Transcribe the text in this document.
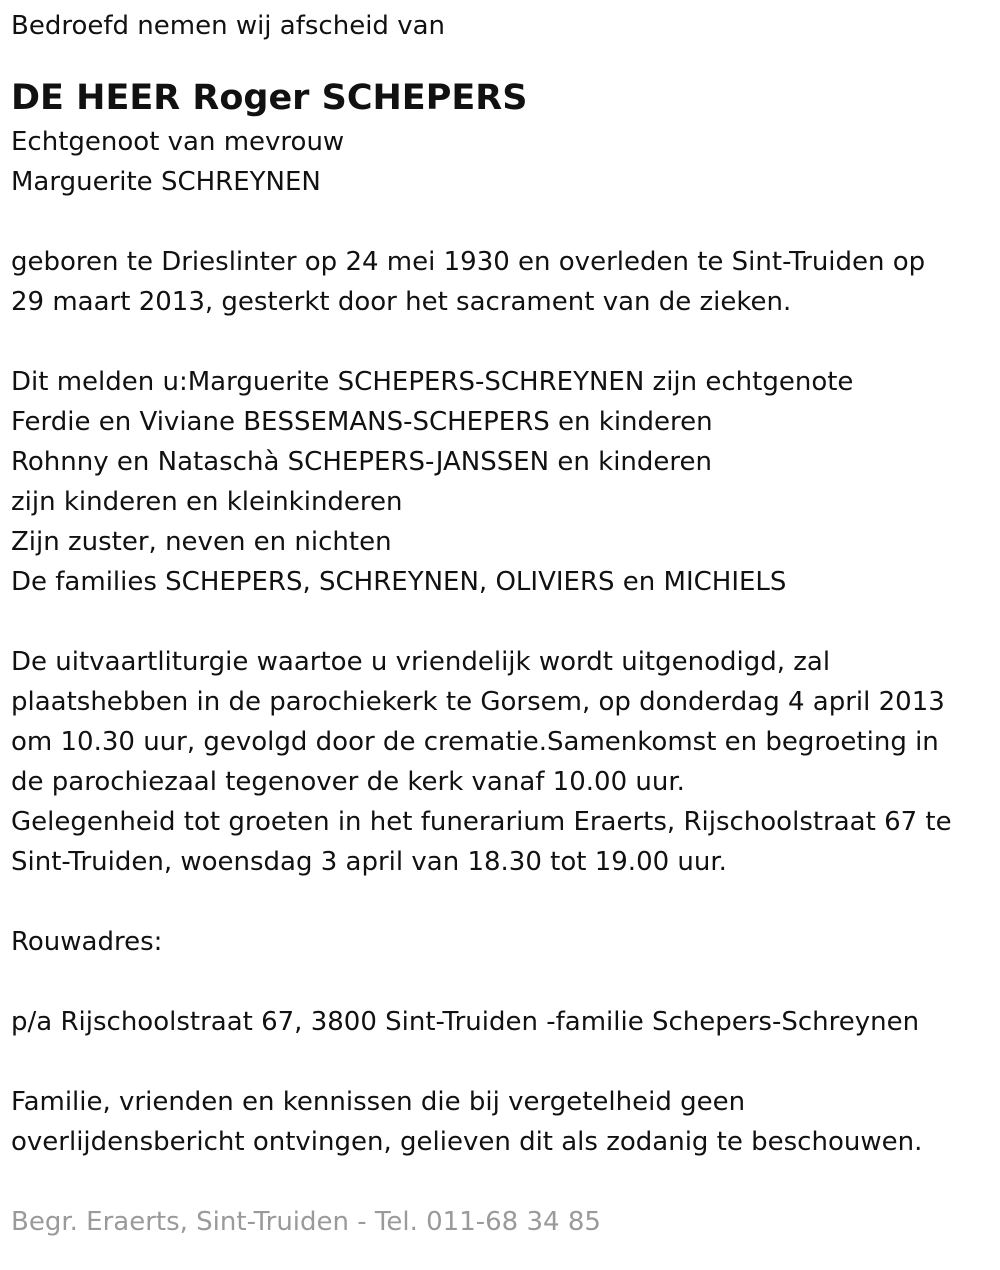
Bedroefd nemen wij afscheid van
DE HEER Roger SCHEPERS
Echtgenoot van mevrouw
Marguerite SCHREYNEN
geboren te Drieslinter op 24 mei 1930 en overleden te Sint-Truiden op
29 maart 2013, gesterkt door het sacrament van de zieken.
Dit melden u:Marguerite SCHEPERS-SCHREYNEN zijn echtgenote
Ferdie en Viviane BESSEMANS-SCHEPERS en kinderen
Rohnny en Nataschà SCHEPERS-JANSSEN en kinderen
zijn kinderen en kleinkinderen
Zijn zuster, neven en nichten
De families SCHEPERS, SCHREYNEN, OLIVIERS en MICHIELS
De uitvaartliturgie waartoe u vriendelijk wordt uitgenodigd, zal
plaatshebben in de parochiekerk te Gorsem, op donderdag 4 april 2013
om 10.30 uur, gevolgd door de crematie.Samenkomst en begroeting in
de parochiezaal tegenover de kerk vanaf 10.00 uur.
Gelegenheid tot groeten in het funerarium Eraerts, Rijschoolstraat 67 te
Sint-Truiden, woensdag 3 april van 18.30 tot 19.00 uur.
Rouwadres:
p/a Rijschoolstraat 67, 3800 Sint-Truiden -familie Schepers-Schreynen
Familie, vrienden en kennissen die bij vergetelheid geen
overlijdensbericht ontvingen, gelieven dit als zodanig te beschouwen.
Begr. Eraerts, Sint-Truiden - Tel. 011-68 34 85
